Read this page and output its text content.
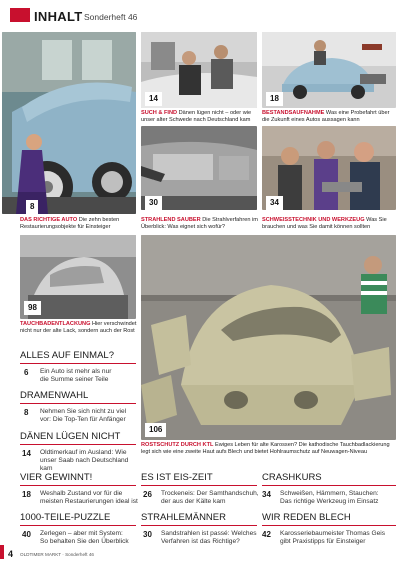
INHALT Sonderheft 46
8
14	18
SUCH & FIND Dänen lügen nicht – oder wie unser alter Schwede nach Deutschland kam
BESTANDSAUFNAHME Was eine Probefahrt über die Zukunft eines Autos aussagen kann
30	34
DAS RICHTIGE AUTO Die zehn besten Restaurierungsobjekte für Einsteiger
STRAHLEND SAUBER Die Strahlverfahren im Überblick: Was eignet sich wofür?
SCHWEISSTECHNIK UND WERKZEUG Was Sie brauchen und was Sie damit können sollten
98
TAUCHBADENTLACKUNG Hier verschwindet nicht nur der alte Lack, sondern auch der Rost
106
ROSTSCHUTZ DURCH KTL Ewiges Leben für alte Karossen? Die kathodische Tauchbadlackierung legt sich wie eine zweite Haut aufs Blech und bietet Hohlraumschutz auf Neuwagen-Niveau
ALLES AUF EINMAL?
6 Ein Auto ist mehr als nur
die Summe seiner Teile
DRAMENWAHL
8 Nehmen Sie sich nicht zu viel
vor: Die Top-Ten für Anfänger
DÄNEN LÜGEN NICHT
14 Oldtimerkauf im Ausland: Wie
unser Saab nach Deutschland kam
VIER GEWINNT!
18 Weshalb Zustand vor für die
meisten Restaurierungen ideal ist
ES IST EIS-ZEIT
26 Trockeneis: Der Samthandschuh,
der aus der Kälte kam
CRASHKURS
34 Schweißen, Hämmern, Stauchen:
Das richtige Werkzeug im Einsatz
1000-TEILE-PUZZLE
40 Zerlegen – aber mit System:
So behalten Sie den Überblick
STRAHLEMÄNNER
30 Sandstrahlen ist passé: Welches
Verfahren ist das Richtige?
WIR REDEN BLECH
42 Karosseriebaumeister Thomas Geis
gibt Praxistipps für Einsteiger
4 OLDTIMER MARKT · Sonderheft 46
